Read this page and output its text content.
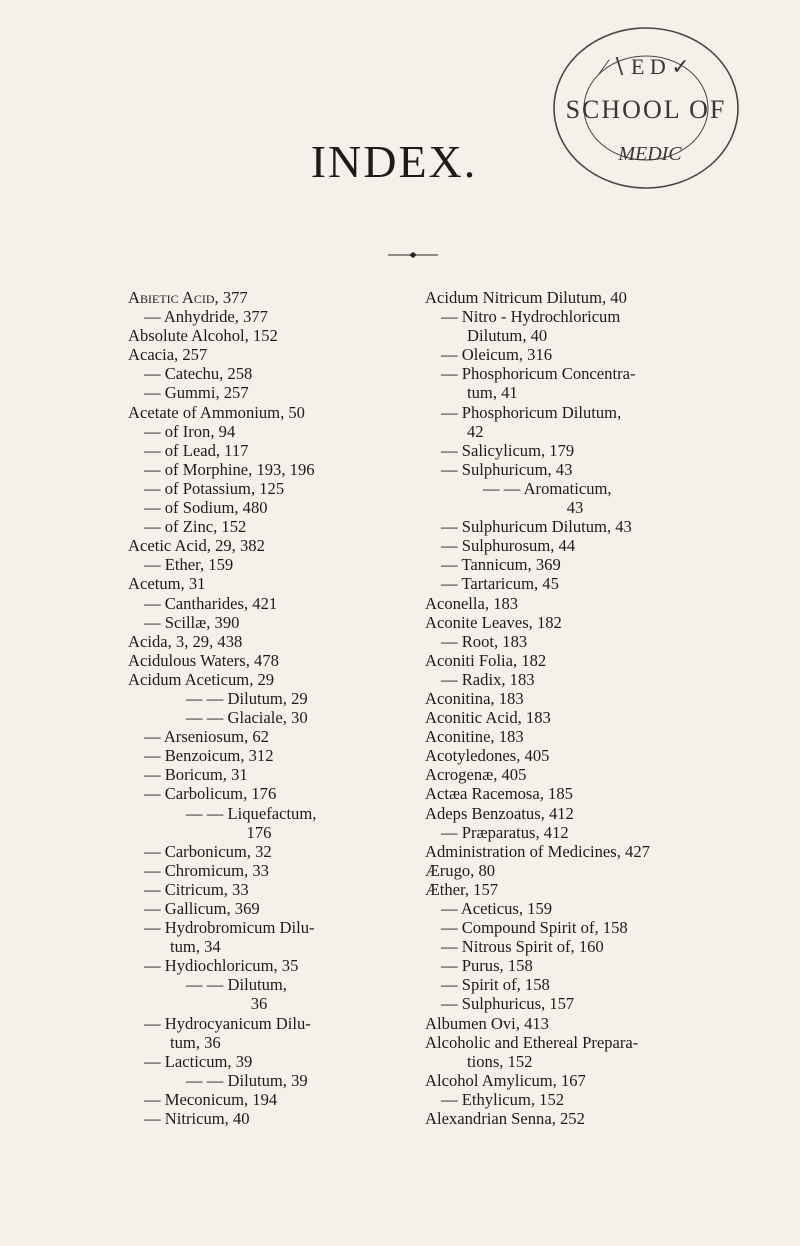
∕ ∖ E D ✓
SCHOOL OF
MEDIC
INDEX.
Abietic Acid, 377
— Anhydride, 377
Absolute Alcohol, 152
Acacia, 257
— Catechu, 258
— Gummi, 257
Acetate of Ammonium, 50
— of Iron, 94
— of Lead, 117
— of Morphine, 193, 196
— of Potassium, 125
— of Sodium, 480
— of Zinc, 152
Acetic Acid, 29, 382
— Ether, 159
Acetum, 31
— Cantharides, 421
— Scillæ, 390
Acida, 3, 29, 438
Acidulous Waters, 478
Acidum Aceticum, 29
— — Dilutum, 29
— — Glaciale, 30
— Arseniosum, 62
— Benzoicum, 312
— Boricum, 31
— Carbolicum, 176
— — Liquefactum,
176
— Carbonicum, 32
— Chromicum, 33
— Citricum, 33
— Gallicum, 369
— Hydrobromicum Dilu-
tum, 34
— Hydiochloricum, 35
— — Dilutum,
36
— Hydrocyanicum Dilu-
tum, 36
— Lacticum, 39
— — Dilutum, 39
— Meconicum, 194
— Nitricum, 40
Acidum Nitricum Dilutum, 40
— Nitro - Hydrochloricum
Dilutum, 40
— Oleicum, 316
— Phosphoricum Concentra-
tum, 41
— Phosphoricum Dilutum,
42
— Salicylicum, 179
— Sulphuricum, 43
— — Aromaticum,
43
— Sulphuricum Dilutum, 43
— Sulphurosum, 44
— Tannicum, 369
— Tartaricum, 45
Aconella, 183
Aconite Leaves, 182
— Root, 183
Aconiti Folia, 182
— Radix, 183
Aconitina, 183
Aconitic Acid, 183
Aconitine, 183
Acotyledones, 405
Acrogenæ, 405
Actæa Racemosa, 185
Adeps Benzoatus, 412
— Præparatus, 412
Administration of Medicines, 427
Ærugo, 80
Æther, 157
— Aceticus, 159
— Compound Spirit of, 158
— Nitrous Spirit of, 160
— Purus, 158
— Spirit of, 158
— Sulphuricus, 157
Albumen Ovi, 413
Alcoholic and Ethereal Prepara-
tions, 152
Alcohol Amylicum, 167
— Ethylicum, 152
Alexandrian Senna, 252
